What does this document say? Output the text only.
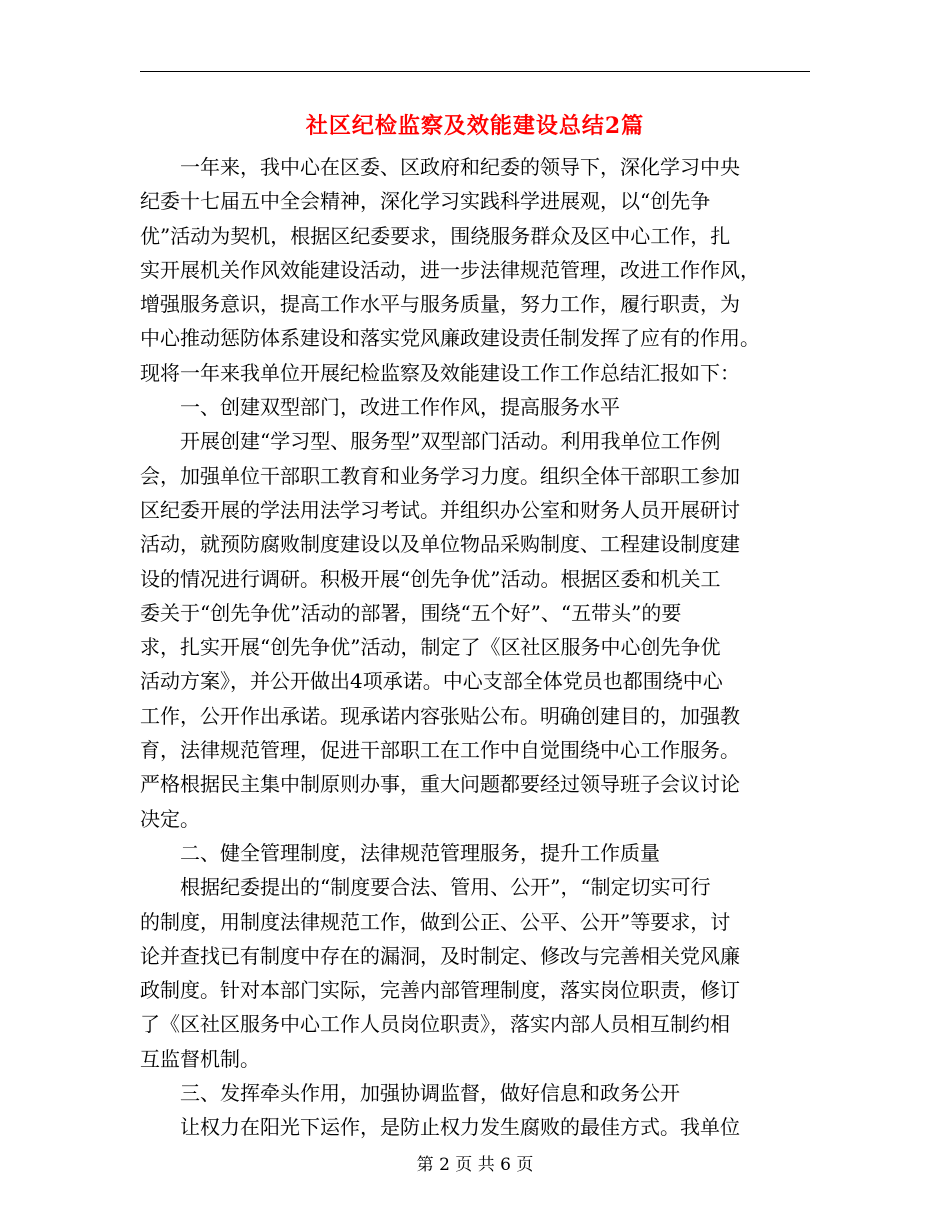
社区纪检监察及效能建设总结2篇
　　一年来，我中心在区委、区政府和纪委的领导下，深化学习中央
纪委十七届五中全会精神，深化学习实践科学进展观，以“创先争
优”活动为契机，根据区纪委要求，围绕服务群众及区中心工作，扎
实开展机关作风效能建设活动，进一步法律规范管理，改进工作作风，
增强服务意识，提高工作水平与服务质量，努力工作，履行职责，为
中心推动惩防体系建设和落实党风廉政建设责任制发挥了应有的作用。
现将一年来我单位开展纪检监察及效能建设工作工作总结汇报如下：
　　一、创建双型部门，改进工作作风，提高服务水平
　　开展创建“学习型、服务型”双型部门活动。利用我单位工作例
会，加强单位干部职工教育和业务学习力度。组织全体干部职工参加
区纪委开展的学法用法学习考试。并组织办公室和财务人员开展研讨
活动，就预防腐败制度建设以及单位物品采购制度、工程建设制度建
设的情况进行调研。积极开展“创先争优”活动。根据区委和机关工
委关于“创先争优”活动的部署，围绕“五个好”、“五带头”的要
求，扎实开展“创先争优”活动，制定了《区社区服务中心创先争优
活动方案》，并公开做出4项承诺。中心支部全体党员也都围绕中心
工作，公开作出承诺。现承诺内容张贴公布。明确创建目的，加强教
育，法律规范管理，促进干部职工在工作中自觉围绕中心工作服务。
严格根据民主集中制原则办事，重大问题都要经过领导班子会议讨论
决定。
　　二、健全管理制度，法律规范管理服务，提升工作质量
　　根据纪委提出的“制度要合法、管用、公开”，“制定切实可行
的制度，用制度法律规范工作，做到公正、公平、公开”等要求，讨
论并查找已有制度中存在的漏洞，及时制定、修改与完善相关党风廉
政制度。针对本部门实际，完善内部管理制度，落实岗位职责，修订
了《区社区服务中心工作人员岗位职责》，落实内部人员相互制约相
互监督机制。
　　三、发挥牵头作用，加强协调监督，做好信息和政务公开
　　让权力在阳光下运作，是防止权力发生腐败的最佳方式。我单位
第 2 页 共 6 页
